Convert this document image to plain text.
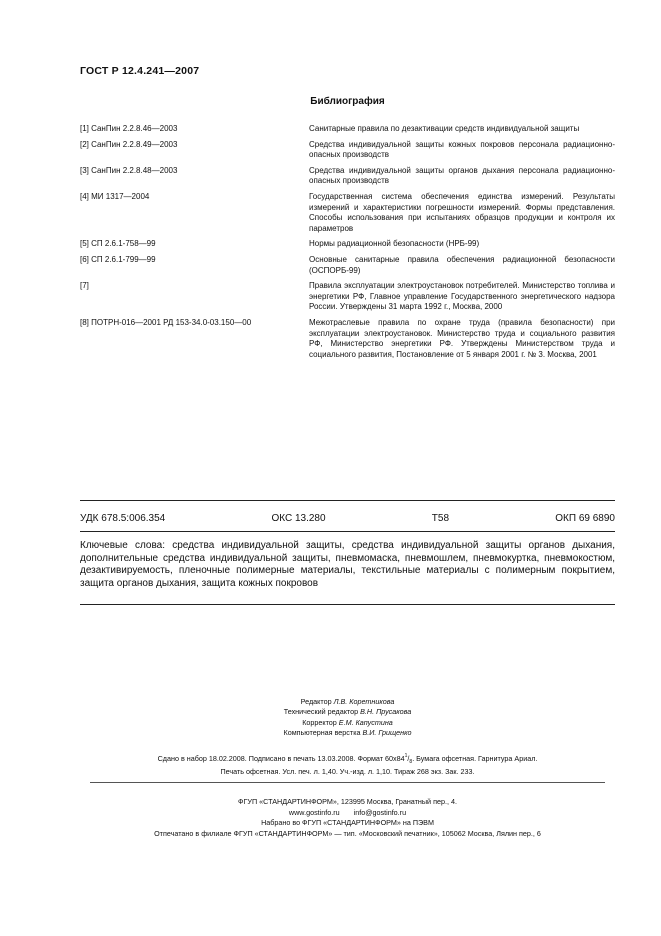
ГОСТ Р 12.4.241—2007
Библиография
[1] СанПин 2.2.8.46—2003	Санитарные правила по дезактивации средств индивидуальной защиты
[2] СанПин 2.2.8.49—2003	Средства индивидуальной защиты кожных покровов персонала радиационно-опасных производств
[3] СанПин 2.2.8.48—2003	Средства индивидуальной защиты органов дыхания персонала радиационно-опасных производств
[4] МИ 1317—2004	Государственная система обеспечения единства измерений. Результаты измерений и характеристики погрешности измерений. Формы представления. Способы использования при испытаниях образцов продукции и контроля их параметров
[5] СП 2.6.1-758—99	Нормы радиационной безопасности (НРБ-99)
[6] СП 2.6.1-799—99	Основные санитарные правила обеспечения радиационной безопасности (ОСПОРБ-99)
[7]	Правила эксплуатации электроустановок потребителей. Министерство топлива и энергетики РФ, Главное управление Государственного энергетического надзора России. Утверждены 31 марта 1992 г., Москва, 2000
[8] ПОТРН-016—2001 РД 153-34.0-03.150—00	Межотраслевые правила по охране труда (правила безопасности) при эксплуатации электроустановок. Министерство труда и социального развития РФ, Министерство энергетики РФ. Утверждены Министерством труда и социального развития, Постановление от 5 января 2001 г. № 3. Москва, 2001
УДК 678.5:006.354	ОКС 13.280	Т58	ОКП 69 6890
Ключевые слова: средства индивидуальной защиты, средства индивидуальной защиты органов дыхания, дополнительные средства индивидуальной защиты, пневмомаска, пневмошлем, пневмокуртка, пневмокостюм, дезактивируемость, пленочные полимерные материалы, текстильные материалы с полимерным покрытием, защита органов дыхания, защита кожных покровов
Редактор Л.В. Коретникова
Технический редактор В.Н. Прусакова
Корректор Е.М. Капустина
Компьютерная верстка В.И. Грищенко
Сдано в набор 18.02.2008. Подписано в печать 13.03.2008. Формат $60х84^1/_8$. Бумага офсетная. Гарнитура Ариал.
Печать офсетная. Усл. печ. л. 1,40. Уч.-изд. л. 1,10. Тираж 268 экз. Зак. 233.
ФГУП «СТАНДАРТИНФОРМ», 123995 Москва, Гранатный пер., 4.
www.gostinfo.ru info@gostinfo.ru
Набрано во ФГУП «СТАНДАРТИНФОРМ» на ПЭВМ
Отпечатано в филиале ФГУП «СТАНДАРТИНФОРМ» — тип. «Московский печатник», 105062 Москва, Лялин пер., 6
